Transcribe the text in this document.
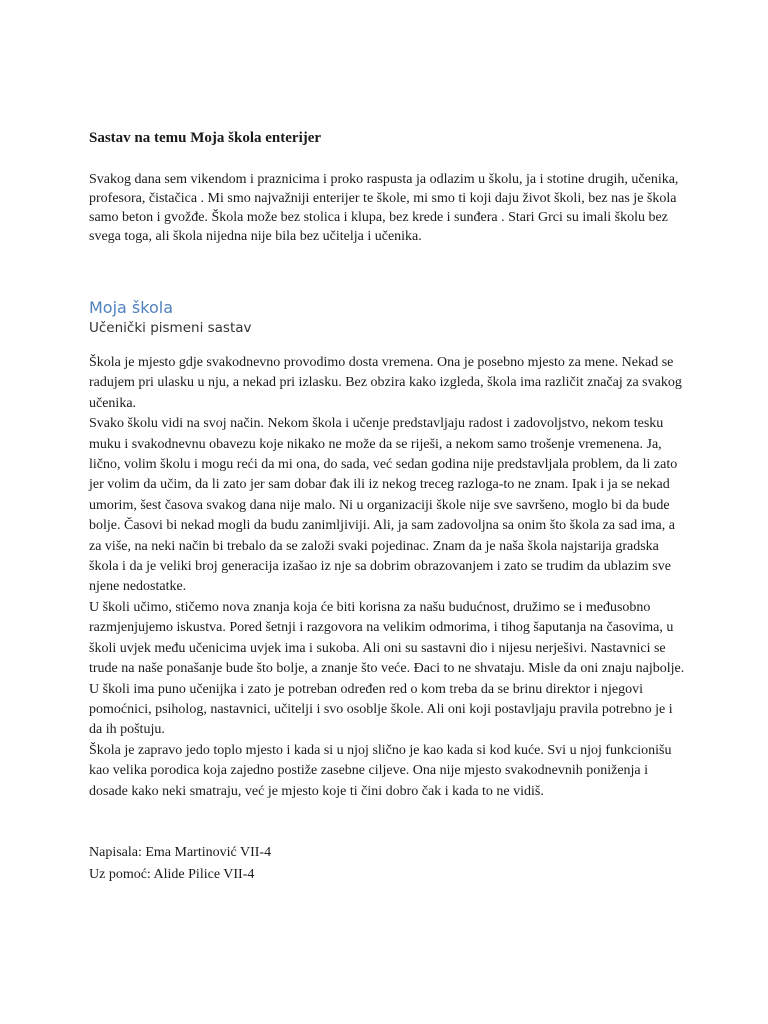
Sastav na temu Moja škola enterijer

Svakog dana sem vikendom i praznicima i proko raspusta ja odlazim u školu, ja i stotine drugih, učenika, profesora, čistačica . Mi smo najvažniji enterijer te škole, mi smo ti koji daju život školi, bez nas je škola samo beton i gvožđe. Škola može bez stolica i klupa, bez krede i sunđera . Stari Grci su imali školu bez svega toga, ali škola nijedna nije bila bez učitelja i učenika.

Moja škola
Učenički pismeni sastav

Škola je mjesto gdje svakodnevno provodimo dosta vremena. Ona je posebno mjesto za mene. Nekad se radujem pri ulasku u nju, a nekad pri izlasku. Bez obzira kako izgleda, škola ima različit značaj za svakog učenika.

Svako školu vidi na svoj način. Nekom škola i učenje predstavljaju radost i zadovoljstvo, nekom tesku muku i svakodnevnu obavezu koje nikako ne može da se riješi, a nekom samo trošenje vremenena. Ja, lično, volim školu i mogu reći da mi ona, do sada, već sedan godina nije predstavljala problem, da li zato jer volim da učim, da li zato jer sam dobar đak ili iz nekog treceg razloga-to ne znam. Ipak i ja se nekad umorim, šest časova svakog dana nije malo. Ni u organizaciji škole nije sve savršeno, moglo bi da bude bolje. Časovi bi nekad mogli da budu zanimljiviji. Ali, ja sam zadovoljna sa onim što škola za sad ima, a za više, na neki način bi trebalo da se založi svaki pojedinac. Znam da je naša škola najstarija gradska škola i da je veliki broj generacija izašao iz nje sa dobrim obrazovanjem i zato se trudim da ublazim sve njene nedostatke.

U školi učimo, stičemo nova znanja koja će biti korisna za našu budućnost, družimo se i međusobno razmjenjujemo iskustva. Pored šetnji i razgovora na velikim odmorima, i tihog šaputanja na časovima, u školi uvjek među učenicima uvjek ima i sukoba. Ali oni su sastavni dio i nijesu nerješivi. Nastavnici se trude na naše ponašanje bude što bolje, a znanje što veće. Đaci to ne shvataju. Misle da oni znaju najbolje. U školi ima puno učenijka i zato je potreban određen red o kom treba da se brinu direktor i njegovi pomoćnici, psiholog, nastavnici, učitelji i svo osoblje škole. Ali oni koji postavljaju pravila potrebno je i da ih poštuju.

Škola je zapravo jedo toplo mjesto i kada si u njoj slično je kao kada si kod kuće. Svi u njoj funkcionišu kao velika porodica koja zajedno postiže zasebne ciljeve. Ona nije mjesto svakodnevnih poniženja i dosade kako neki smatraju, već je mjesto koje ti čini dobro čak i kada to ne vidiš.

Napisala: Ema Martinović VII-4
Uz pomoć: Alide Pilice VII-4
